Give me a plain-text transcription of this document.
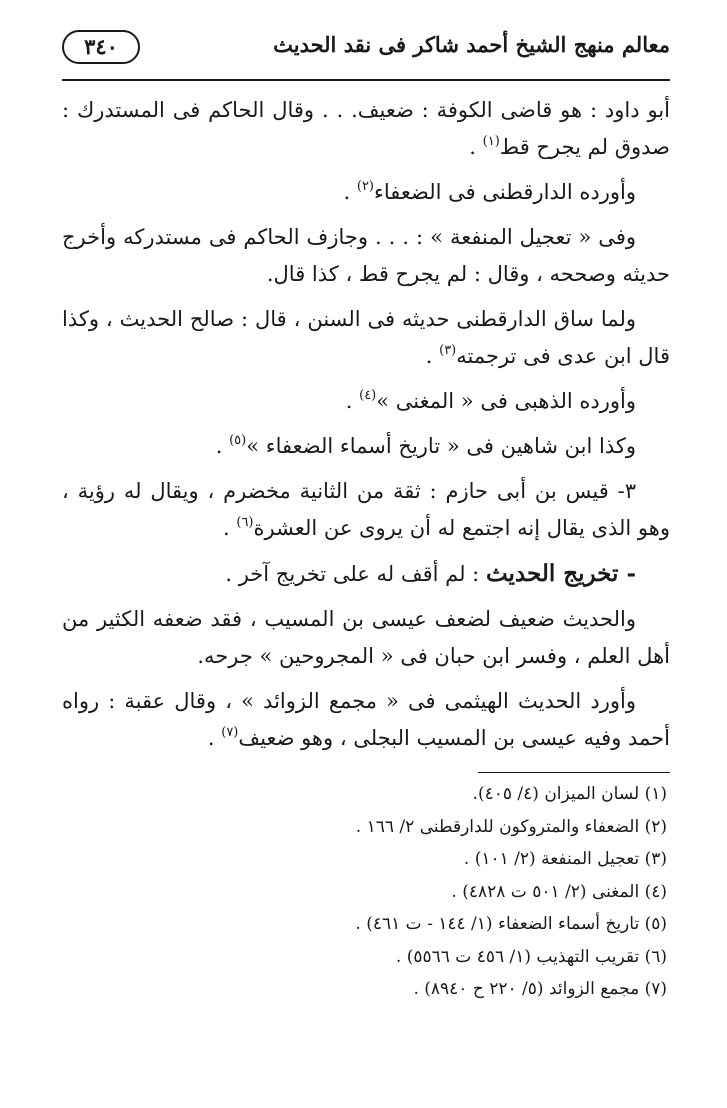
٣٤٠	معالم منهج الشيخ أحمد شاكر فى نقد الحديث

أبو داود : هو قاضى الكوفة : ضعيف. . . وقال الحاكم فى المستدرك : صدوق لم يجرح قط$^{(١)}$ .

وأورده الدارقطنى فى الضعفاء$^{(٢)}$ .

وفى « تعجيل المنفعة » : . . . وجازف الحاكم فى مستدركه وأخرج حديثه وصححه ، وقال : لم يجرح قط ، كذا قال.

ولما ساق الدارقطنى حديثه فى السنن ، قال : صالح الحديث ، وكذا قال ابن عدى فى ترجمته$^{(٣)}$ .

وأورده الذهبى فى « المغنى »$^{(٤)}$ .

وكذا ابن شاهين فى « تاريخ أسماء الضعفاء »$^{(٥)}$ .

٣- قيس بن أبى حازم : ثقة من الثانية مخضرم ، ويقال له رؤية ، وهو الذى يقال إنه اجتمع له أن يروى عن العشرة$^{(٦)}$ .

- تخريج الحديث : لم أقف له على تخريج آخر .

والحديث ضعيف لضعف عيسى بن المسيب ، فقد ضعفه الكثير من أهل العلم ، وفسر ابن حبان فى « المجروحين » جرحه.

وأورد الحديث الهيثمى فى « مجمع الزوائد » ، وقال عقبة : رواه أحمد وفيه عيسى بن المسيب البجلى ، وهو ضعيف$^{(٧)}$ .

(١) لسان الميزان (٤/ ٤٠٥).
(٢) الضعفاء والمتروكون للدارقطنى ٢/ ١٦٦ .
(٣) تعجيل المنفعة (٢/ ١٠١) .
(٤) المغنى (٢/ ٥٠١ ت ٤٨٢٨) .
(٥) تاريخ أسماء الضعفاء (١/ ١٤٤ - ت ٤٦١) .
(٦) تقريب التهذيب (١/ ٤٥٦ ت ٥٥٦٦) .
(٧) مجمع الزوائد (٥/ ٢٢٠ ح ٨٩٤٠) .
